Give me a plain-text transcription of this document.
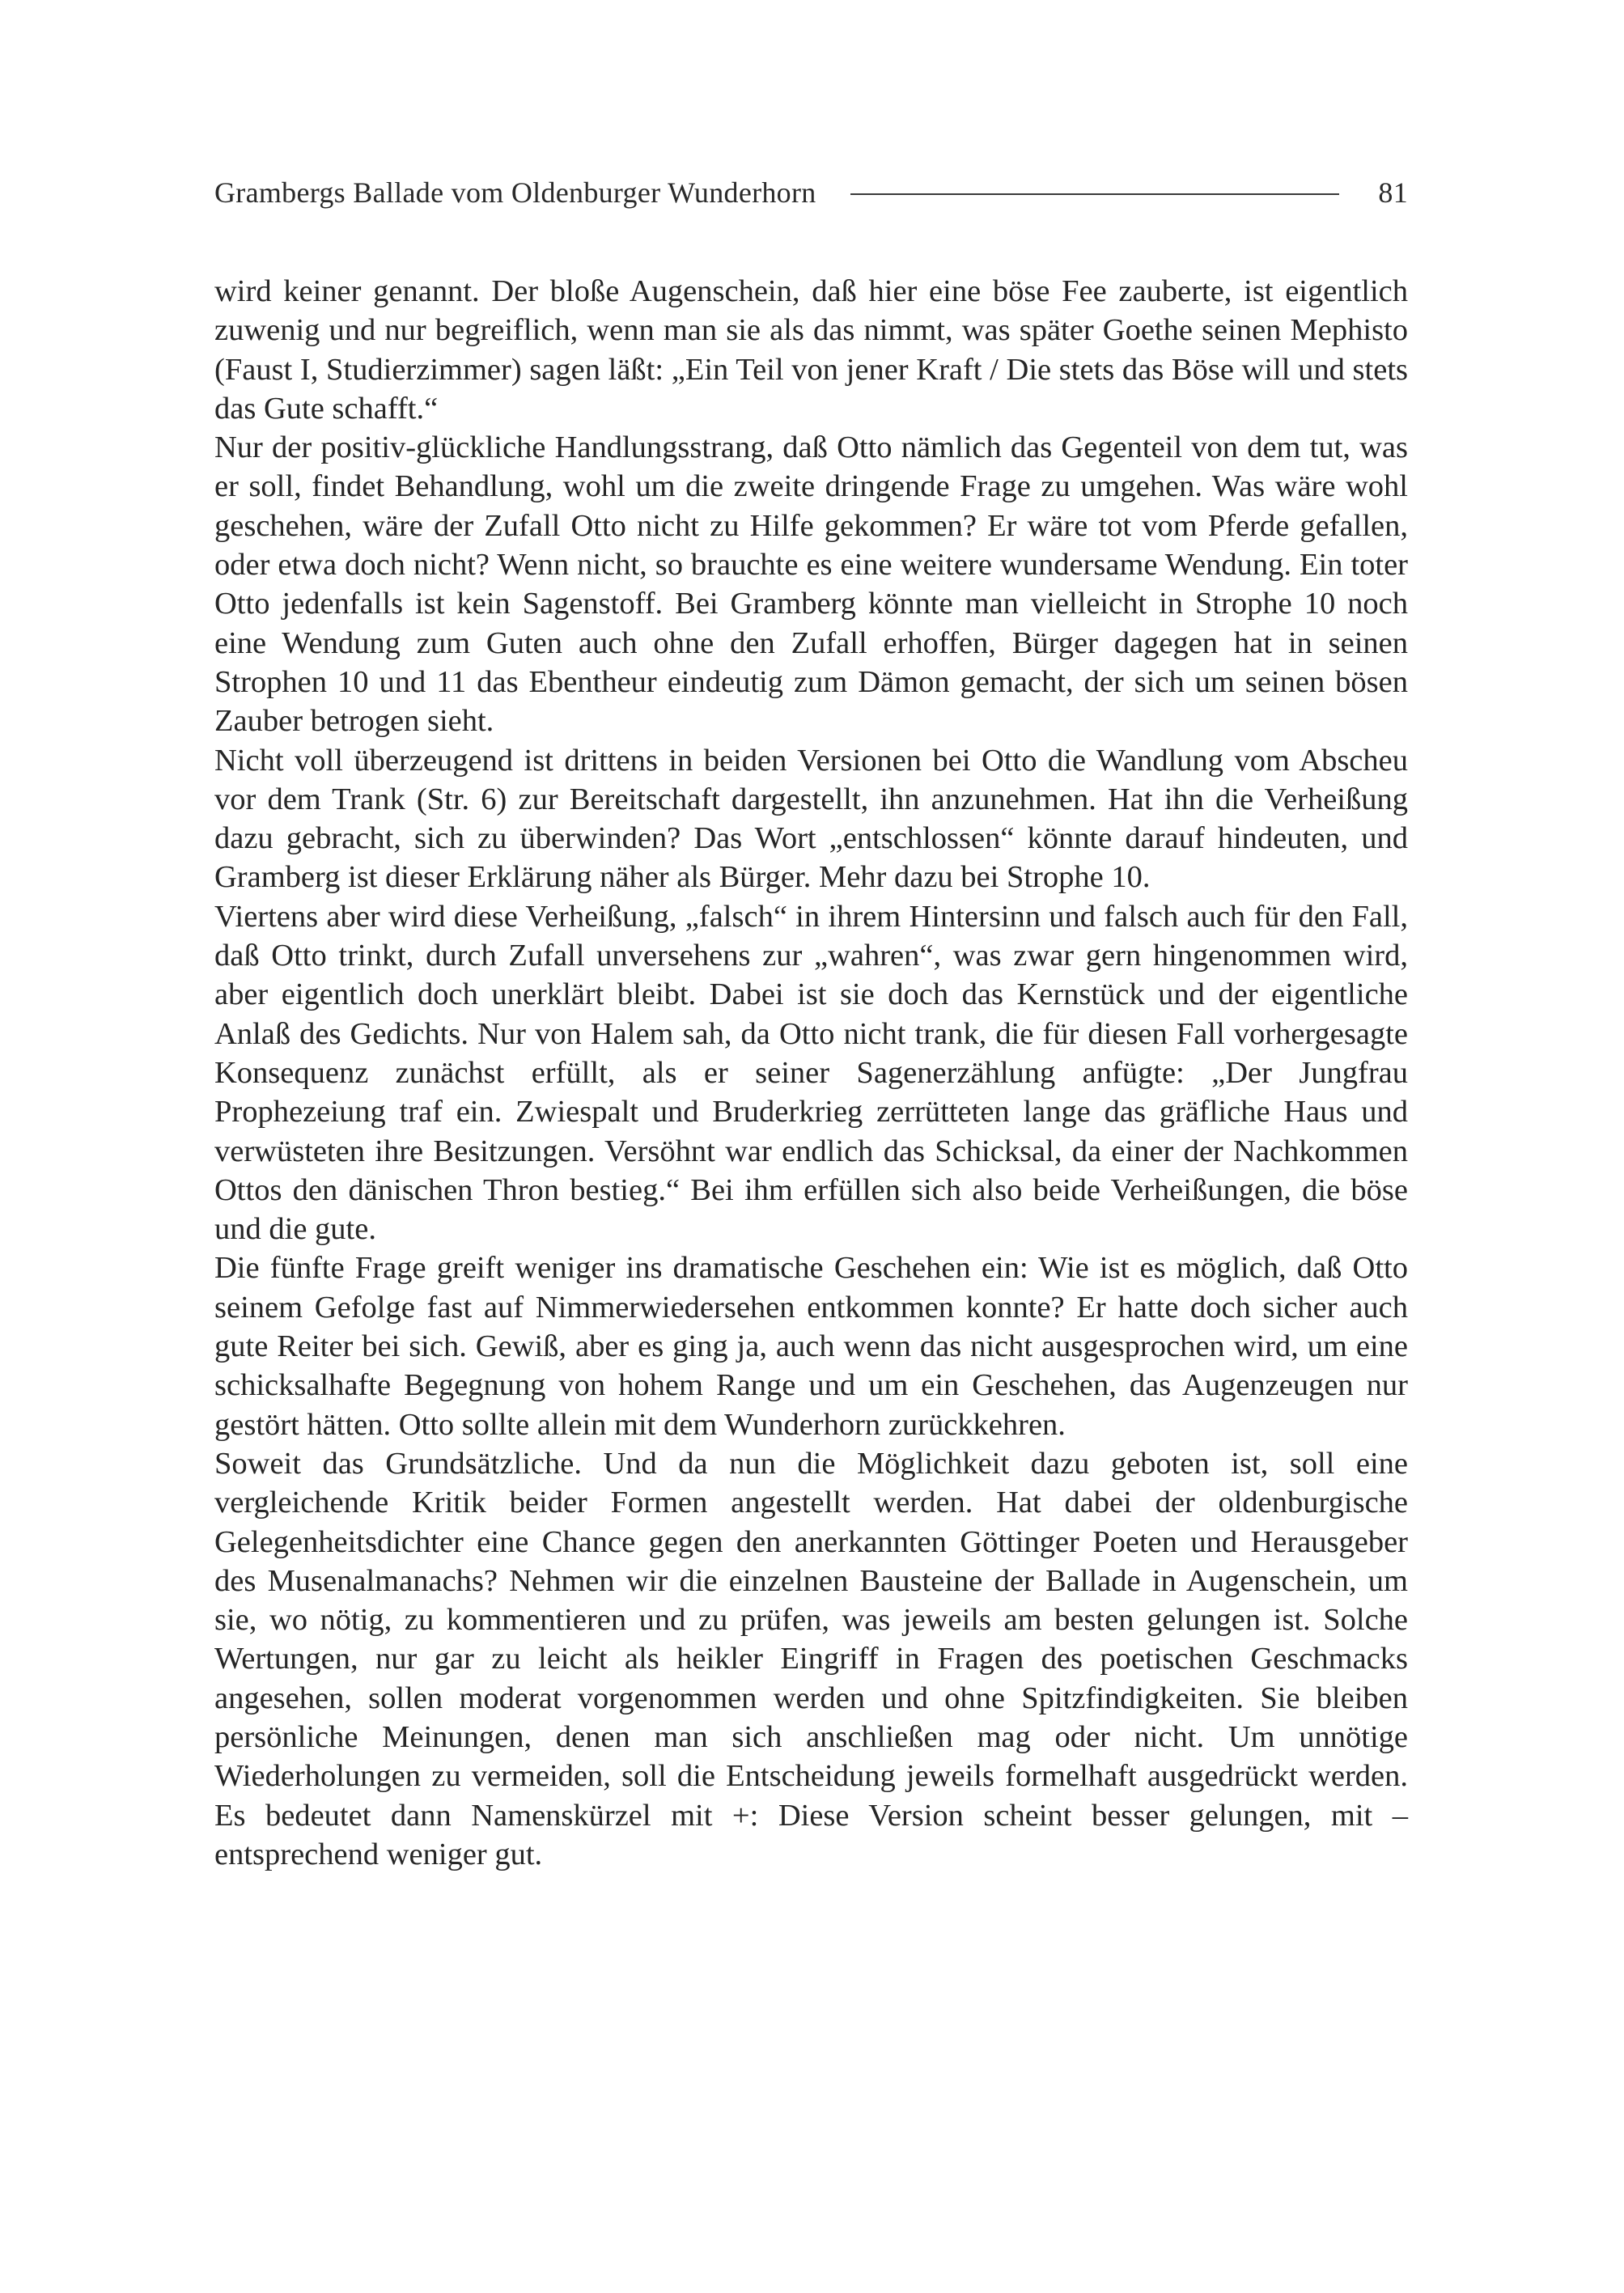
Grambergs Ballade vom Oldenburger Wunderhorn	81

wird keiner genannt. Der bloße Augenschein, daß hier eine böse Fee zauberte, ist eigentlich zuwenig und nur begreiflich, wenn man sie als das nimmt, was später Goethe seinen Mephisto (Faust I, Studierzimmer) sagen läßt: „Ein Teil von jener Kraft / Die stets das Böse will und stets das Gute schafft.“

Nur der positiv-glückliche Handlungsstrang, daß Otto nämlich das Gegenteil von dem tut, was er soll, findet Behandlung, wohl um die zweite dringende Frage zu umgehen. Was wäre wohl geschehen, wäre der Zufall Otto nicht zu Hilfe gekommen? Er wäre tot vom Pferde gefallen, oder etwa doch nicht? Wenn nicht, so brauchte es eine weitere wundersame Wendung. Ein toter Otto jedenfalls ist kein Sagenstoff. Bei Gramberg könnte man vielleicht in Strophe 10 noch eine Wendung zum Guten auch ohne den Zufall erhoffen, Bürger dagegen hat in seinen Strophen 10 und 11 das Ebentheur eindeutig zum Dämon gemacht, der sich um seinen bösen Zauber betrogen sieht.

Nicht voll überzeugend ist drittens in beiden Versionen bei Otto die Wandlung vom Abscheu vor dem Trank (Str. 6) zur Bereitschaft dargestellt, ihn anzunehmen. Hat ihn die Verheißung dazu gebracht, sich zu überwinden? Das Wort „entschlossen“ könnte darauf hindeuten, und Gramberg ist dieser Erklärung näher als Bürger. Mehr dazu bei Strophe 10.

Viertens aber wird diese Verheißung, „falsch“ in ihrem Hintersinn und falsch auch für den Fall, daß Otto trinkt, durch Zufall unversehens zur „wahren“, was zwar gern hingenommen wird, aber eigentlich doch unerklärt bleibt. Dabei ist sie doch das Kernstück und der eigentliche Anlaß des Gedichts. Nur von Halem sah, da Otto nicht trank, die für diesen Fall vorhergesagte Konsequenz zunächst erfüllt, als er seiner Sagenerzählung anfügte: „Der Jungfrau Prophezeiung traf ein. Zwiespalt und Bruderkrieg zerrütteten lange das gräfliche Haus und verwüsteten ihre Besitzungen. Versöhnt war endlich das Schicksal, da einer der Nachkommen Ottos den dänischen Thron bestieg.“ Bei ihm erfüllen sich also beide Verheißungen, die böse und die gute.

Die fünfte Frage greift weniger ins dramatische Geschehen ein: Wie ist es möglich, daß Otto seinem Gefolge fast auf Nimmerwiedersehen entkommen konnte? Er hatte doch sicher auch gute Reiter bei sich. Gewiß, aber es ging ja, auch wenn das nicht ausgesprochen wird, um eine schicksalhafte Begegnung von hohem Range und um ein Geschehen, das Augenzeugen nur gestört hätten. Otto sollte allein mit dem Wunderhorn zurückkehren.

Soweit das Grundsätzliche. Und da nun die Möglichkeit dazu geboten ist, soll eine vergleichende Kritik beider Formen angestellt werden. Hat dabei der oldenburgische Gelegenheitsdichter eine Chance gegen den anerkannten Göttinger Poeten und Herausgeber des Musenalmanachs? Nehmen wir die einzelnen Bausteine der Ballade in Augenschein, um sie, wo nötig, zu kommentieren und zu prüfen, was jeweils am besten gelungen ist. Solche Wertungen, nur gar zu leicht als heikler Eingriff in Fragen des poetischen Geschmacks angesehen, sollen moderat vorgenommen werden und ohne Spitzfindigkeiten. Sie bleiben persönliche Meinungen, denen man sich anschließen mag oder nicht. Um unnötige Wiederholungen zu vermeiden, soll die Entscheidung jeweils formelhaft ausgedrückt werden. Es bedeutet dann Namenskürzel mit +: Diese Version scheint besser gelungen, mit – entsprechend weniger gut.
